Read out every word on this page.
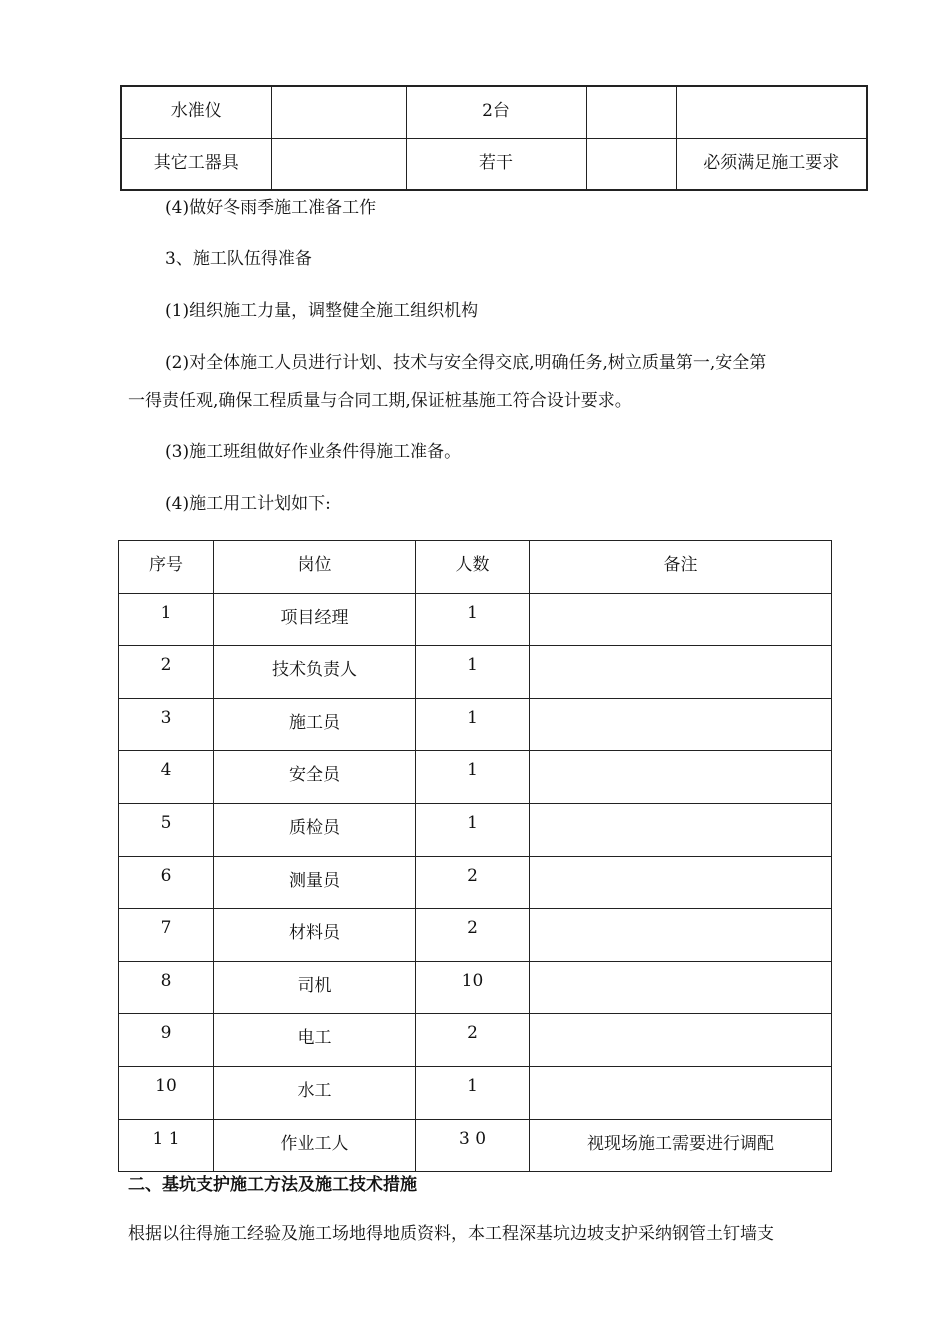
水准仪		2台		
其它工器具		若干		必须满足施工要求
(4)做好冬雨季施工准备工作
3、施工队伍得准备
(1)组织施工力量，调整健全施工组织机构
(2)对全体施工人员进行计划、技术与安全得交底,明确任务,树立质量第一,安全第
一得责任观,确保工程质量与合同工期,保证桩基施工符合设计要求。
(3)施工班组做好作业条件得施工准备。
(4)施工用工计划如下:
序号	岗位	人数	备注
1	项目经理	1	
2	技术负责人	1	
3	施工员	1	
4	安全员	1	
5	质检员	1	
6	测量员	2	
7	材料员	2	
8	司机	10	
9	电工	2	
10	水工	1	
1 1	作业工人	3 0	视现场施工需要进行调配
二、基坑支护施工方法及施工技术措施
根据以往得施工经验及施工场地得地质资料，本工程深基坑边坡支护采纳钢管土钉墙支
